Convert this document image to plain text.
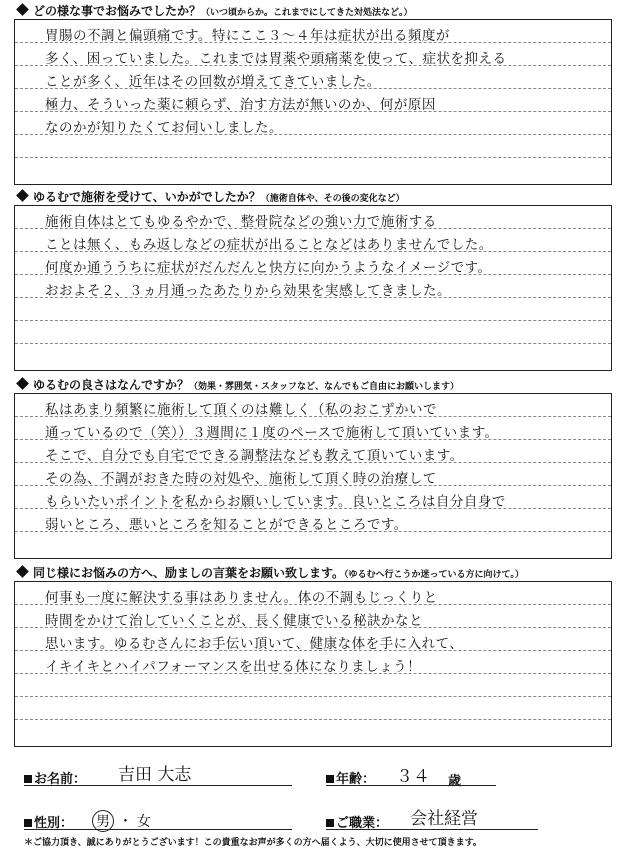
どの様な事でお悩みでしたか？（いつ頃からか。これまでにしてきた対処法など。）
胃腸の不調と偏頭痛です。特にここ３〜４年は症状が出る頻度が
多く、困っていました。これまでは胃薬や頭痛薬を使って、症状を抑える
ことが多く、近年はその回数が増えてきていました。
極力、そういった薬に頼らず、治す方法が無いのか、何が原因
なのかが知りたくてお伺いしました。
ゆるむで施術を受けて、いかがでしたか？（施術自体や、その後の変化など）
施術自体はとてもゆるやかで、整骨院などの強い力で施術する
ことは無く、もみ返しなどの症状が出ることなどはありませんでした。
何度か通ううちに症状がだんだんと快方に向かうようなイメージです。
おおよそ２、３ヵ月通ったあたりから効果を実感してきました。
ゆるむの良さはなんですか？（効果・雰囲気・スタッフなど、なんでもご自由にお願いします）
私はあまり頻繁に施術して頂くのは難しく（私のおこずかいで
通っているので（笑））３週間に１度のペースで施術して頂いています。
そこで、自分でも自宅でできる調整法なども教えて頂いています。
その為、不調がおきた時の対処や、施術して頂く時の治療して
もらいたいポイントを私からお願いしています。良いところは自分自身で
弱いところ、悪いところを知ることができるところです。
同じ様にお悩みの方へ、励ましの言葉をお願い致します。（ゆるむへ行こうか迷っている方に向けて。）
何事も一度に解決する事はありません。体の不調もじっくりと
時間をかけて治していくことが、長く健康でいる秘訣かなと
思います。ゆるむさんにお手伝い頂いて、健康な体を手に入れて、
イキイキとハイパフォーマンスを出せる体になりましょう！
お名前： 吉田 大志	年齢： ３４ 歳
性別： 男 ・ 女	ご職業： 会社経営
＊ご協力頂き、誠にありがとうございます！この貴重なお声が多くの方へ届くよう、大切に使用させて頂きます。
